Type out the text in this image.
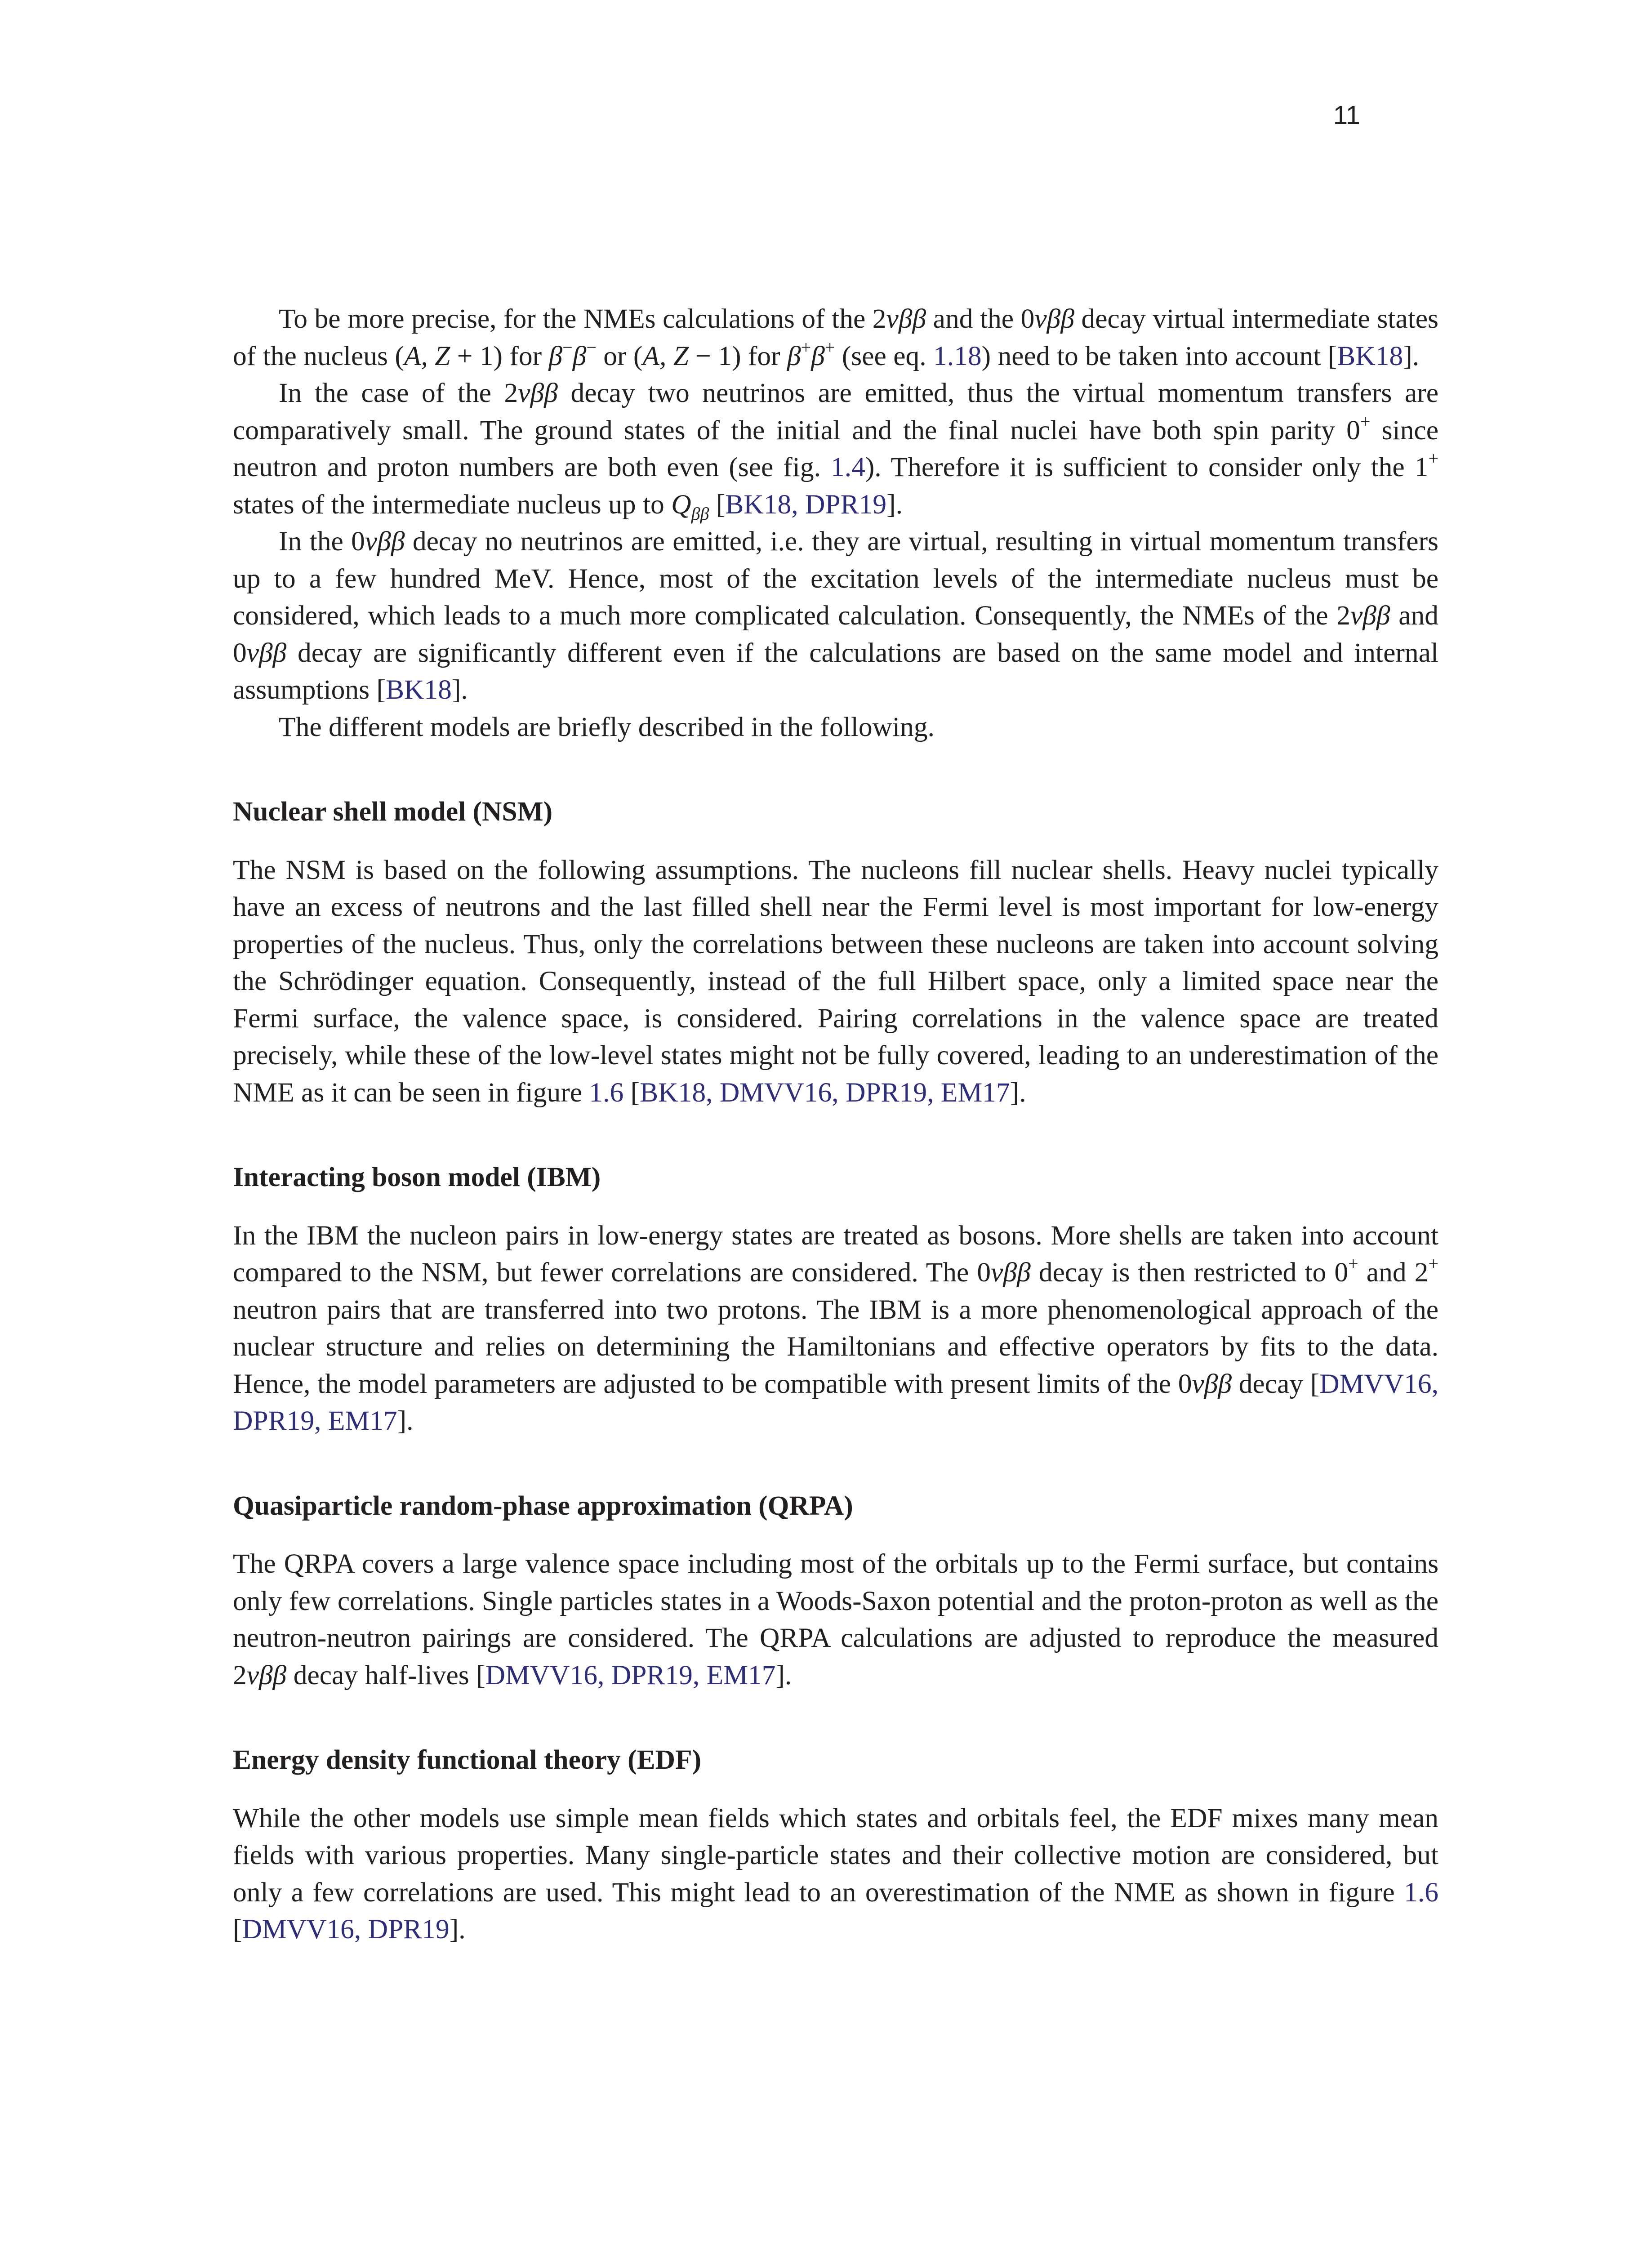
11

To be more precise, for the NMEs calculations of the 2νββ and the 0νββ decay virtual intermediate states of the nucleus (A, Z + 1) for β−β− or (A, Z − 1) for β+β+ (see eq. 1.18) need to be taken into account [BK18].

In the case of the 2νββ decay two neutrinos are emitted, thus the virtual momentum transfers are comparatively small. The ground states of the initial and the final nuclei have both spin parity 0+ since neutron and proton numbers are both even (see fig. 1.4). Therefore it is sufficient to consider only the 1+ states of the intermediate nucleus up to $Q_{\beta\beta}$ [BK18, DPR19].

In the 0νββ decay no neutrinos are emitted, i.e. they are virtual, resulting in virtual momentum transfers up to a few hundred MeV. Hence, most of the excitation levels of the intermediate nucleus must be considered, which leads to a much more complicated calculation. Consequently, the NMEs of the 2νββ and 0νββ decay are significantly different even if the calculations are based on the same model and internal assumptions [BK18].

The different models are briefly described in the following.

Nuclear shell model (NSM)

The NSM is based on the following assumptions. The nucleons fill nuclear shells. Heavy nuclei typically have an excess of neutrons and the last filled shell near the Fermi level is most important for low-energy properties of the nucleus. Thus, only the correlations between these nucleons are taken into account solving the Schrödinger equation. Consequently, instead of the full Hilbert space, only a limited space near the Fermi surface, the valence space, is considered. Pairing correlations in the valence space are treated precisely, while these of the low-level states might not be fully covered, leading to an underestimation of the NME as it can be seen in figure 1.6 [BK18, DMVV16, DPR19, EM17].

Interacting boson model (IBM)

In the IBM the nucleon pairs in low-energy states are treated as bosons. More shells are taken into account compared to the NSM, but fewer correlations are considered. The 0νββ decay is then restricted to 0+ and 2+ neutron pairs that are transferred into two protons. The IBM is a more phenomenological approach of the nuclear structure and relies on determining the Hamiltonians and effective operators by fits to the data. Hence, the model parameters are adjusted to be compatible with present limits of the 0νββ decay [DMVV16, DPR19, EM17].

Quasiparticle random-phase approximation (QRPA)

The QRPA covers a large valence space including most of the orbitals up to the Fermi surface, but contains only few correlations. Single particles states in a Woods-Saxon potential and the proton-proton as well as the neutron-neutron pairings are considered. The QRPA calculations are adjusted to reproduce the measured 2νββ decay half-lives [DMVV16, DPR19, EM17].

Energy density functional theory (EDF)

While the other models use simple mean fields which states and orbitals feel, the EDF mixes many mean fields with various properties. Many single-particle states and their collective motion are considered, but only a few correlations are used. This might lead to an overestimation of the NME as shown in figure 1.6 [DMVV16, DPR19].
